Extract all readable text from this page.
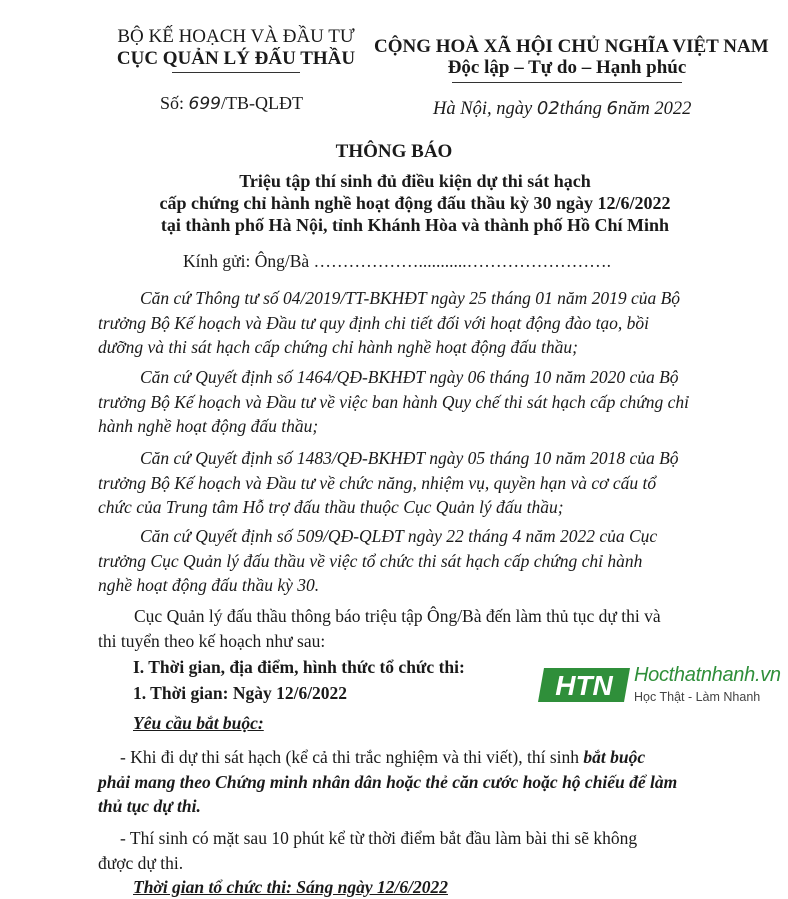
BỘ KẾ HOẠCH VÀ ĐẦU TƯ
CỤC QUẢN LÝ ĐẤU THẦU
CỘNG HOÀ XÃ HỘI CHỦ NGHĨA VIỆT NAM
Độc lập – Tự do – Hạnh phúc
Số: 699/TB-QLĐT	Hà Nội, ngày 02tháng 6năm 2022
THÔNG BÁO
Triệu tập thí sinh đủ điều kiện dự thi sát hạch
cấp chứng chỉ hành nghề hoạt động đấu thầu kỳ 30 ngày 12/6/2022
tại thành phố Hà Nội, tỉnh Khánh Hòa và thành phố Hồ Chí Minh
Kính gửi: Ông/Bà ………………...........…………………….
Căn cứ Thông tư số 04/2019/TT-BKHĐT ngày 25 tháng 01 năm 2019 của Bộ
trưởng Bộ Kế hoạch và Đầu tư quy định chi tiết đối với hoạt động đào tạo, bồi
dưỡng và thi sát hạch cấp chứng chỉ hành nghề hoạt động đấu thầu;
Căn cứ Quyết định số 1464/QĐ-BKHĐT ngày 06 tháng 10 năm 2020 của Bộ
trưởng Bộ Kế hoạch và Đầu tư về việc ban hành Quy chế thi sát hạch cấp chứng chỉ
hành nghề hoạt động đấu thầu;
Căn cứ Quyết định số 1483/QĐ-BKHĐT ngày 05 tháng 10 năm 2018 của Bộ
trưởng Bộ Kế hoạch và Đầu tư về chức năng, nhiệm vụ, quyền hạn và cơ cấu tổ
chức của Trung tâm Hỗ trợ đấu thầu thuộc Cục Quản lý đấu thầu;
Căn cứ Quyết định số 509/QĐ-QLĐT ngày 22 tháng 4 năm 2022 của Cục
trưởng Cục Quản lý đấu thầu về việc tổ chức thi sát hạch cấp chứng chỉ hành
nghề hoạt động đấu thầu kỳ 30.
Cục Quản lý đấu thầu thông báo triệu tập Ông/Bà đến làm thủ tục dự thi và
thi tuyển theo kế hoạch như sau:
I. Thời gian, địa điểm, hình thức tổ chức thi:
1. Thời gian: Ngày 12/6/2022
Yêu cầu bắt buộc:
HTN Hocthatnhanh.vn
Học Thật - Làm Nhanh
- Khi đi dự thi sát hạch (kể cả thi trắc nghiệm và thi viết), thí sinh bắt buộc
phải mang theo Chứng minh nhân dân hoặc thẻ căn cước hoặc hộ chiếu để làm
thủ tục dự thi.
- Thí sinh có mặt sau 10 phút kể từ thời điểm bắt đầu làm bài thi sẽ không
được dự thi.
Thời gian tổ chức thi: Sáng ngày 12/6/2022
